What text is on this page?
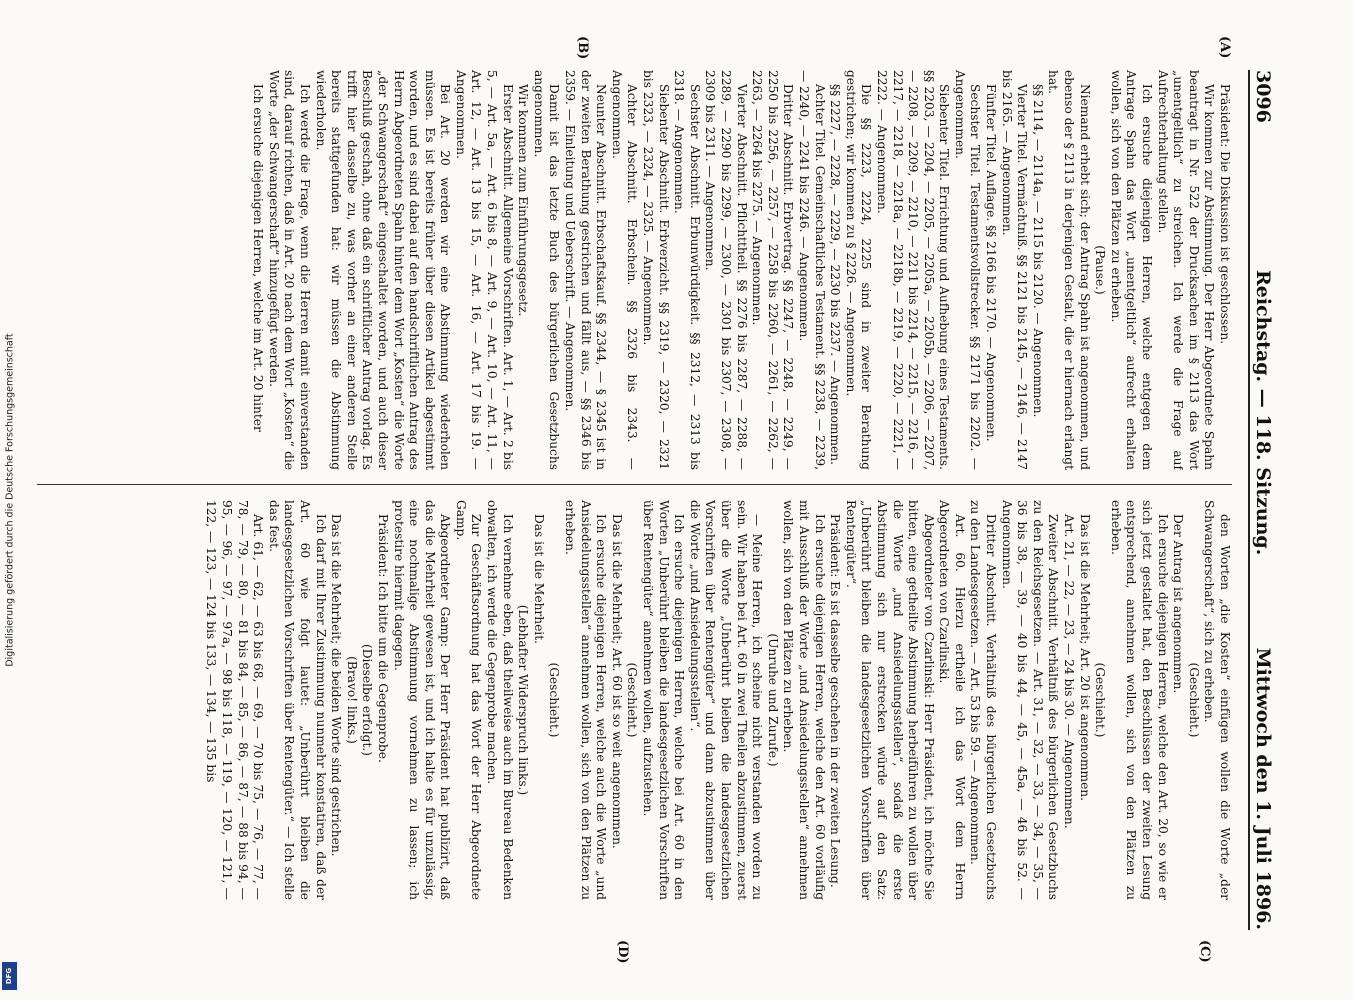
3096
Reichstag. — 118. Sitzung.
Mittwoch den 1. Juli 1896.
(A)
(B)
(C)
(D)

Präsident: Die Diskussion ist geschlossen.

Wir kommen zur Abstimmung. Der Herr Abgeordnete Spahn beantragt in Nr. 522 der Drucksachen im § 2113 das Wort „unentgeltlich“ zu streichen. Ich werde die Frage auf Aufrechterhaltung stellen.

Ich ersuche diejenigen Herren, welche entgegen dem Antrage Spahn das Wort „unentgeltlich“ aufrecht erhalten wollen, sich von den Plätzen zu erheben.

(Pause.)

Niemand erhebt sich; der Antrag Spahn ist angenommen, und ebenso der § 2113 in derjenigen Gestalt, die er hiernach erlangt hat.

§§ 2114, — 2114a, — 2115 bis 2120. — Angenommen.

Vierter Titel. Vermächtniß. §§ 2121 bis 2145, — 2146, — 2147 bis 2165. — Angenommen.

Fünfter Titel. Auflage. §§ 2166 bis 2170. — Angenommen.

Sechster Titel. Testamentsvollstrecker. §§ 2171 bis 2202. — Angenommen.

Siebenter Titel. Errichtung und Aufhebung eines Testaments. §§ 2203, — 2204, — 2205, — 2205a, — 2205b, — 2206, — 2207, — 2208, — 2209, — 2210, — 2211 bis 2214, — 2215, — 2216, — 2217, — 2218, — 2218a, — 2218b, — 2219, — 2220, — 2221, — 2222. — Angenommen.

Die §§ 2223, 2224, 2225 sind in zweiter Berathung gestrichen; wir kommen zu § 2226. — Angenommen.

§§ 2227, — 2228, — 2229, — 2230 bis 2237. — Angenommen.

Achter Titel. Gemeinschaftliches Testament. §§ 2238, — 2239, — 2240, — 2241 bis 2246. — Angenommen.

Dritter Abschnitt. Erbvertrag. §§ 2247, — 2248, — 2249, — 2250 bis 2256, — 2257, — 2258 bis 2260, — 2261, — 2262, — 2263, — 2264 bis 2275. — Angenommen.

Vierter Abschnitt. Pflichttheil. §§ 2276 bis 2287, — 2288, — 2289, — 2290 bis 2299, — 2300, — 2301 bis 2307, — 2308, — 2309 bis 2311. — Angenommen.

Sechster Abschnitt. Erbunwürdigkeit. §§ 2312, — 2313 bis 2318. — Angenommen.

Siebenter Abschnitt. Erbverzicht. §§ 2319, — 2320, — 2321 bis 2323, — 2324, — 2325. — Angenommen.

Achter Abschnitt. Erbschein. §§ 2326 bis 2343. — Angenommen.

Neunter Abschnitt. Erbschaftskauf. §§ 2344, — § 2345 ist in der zweiten Berathung gestrichen und fällt aus, — §§ 2346 bis 2359. — Einleitung und Ueberschrift. — Angenommen.

Damit ist das letzte Buch des bürgerlichen Gesetzbuchs angenommen.

Wir kommen zum Einführungsgesetz.

Erster Abschnitt. Allgemeine Vorschriften. Art. 1, — Art. 2 bis 5, — Art. 5a, — Art. 6 bis 8, — Art. 9, — Art. 10, — Art. 11, — Art. 12, — Art. 13 bis 15, — Art. 16, — Art. 17 bis 19. — Angenommen.

Bei Art. 20 werden wir eine Abstimmung wiederholen müssen. Es ist bereits früher über diesen Artikel abgestimmt worden, und es sind dabei auf den handschriftlichen Antrag des Herrn Abgeordneten Spahn hinter dem Wort „Kosten“ die Worte „der Schwangerschaft“ eingeschaltet worden, und auch dieser Beschluß geschah, ohne daß ein schriftlicher Antrag vorlag. Es trifft hier dasselbe zu, was vorher an einer anderen Stelle bereits stattgefunden hat: wir müssen die Abstimmung wiederholen.

Ich werde die Frage, wenn die Herren damit einverstanden sind, darauf richten, daß in Art. 20 nach dem Wort „Kosten“ die Worte „der Schwangerschaft“ hinzugefügt werden.

Ich ersuche diejenigen Herren, welche im Art. 20 hinter

den Worten „die Kosten“ einfügen wollen die Worte „der Schwangerschaft“, sich zu erheben.

(Geschieht.)

Der Antrag ist angenommen.

Ich ersuche diejenigen Herren, welche den Art. 20, so wie er sich jetzt gestaltet hat, den Beschlüssen der zweiten Lesung entsprechend, annehmen wollen, sich von den Plätzen zu erheben.

(Geschieht.)

Das ist die Mehrheit; Art. 20 ist angenommen.

Art. 21, — 22, — 23, — 24 bis 30. — Angenommen.

Zweiter Abschnitt. Verhältniß des bürgerlichen Gesetzbuchs zu den Reichsgesetzen. — Art. 31, — 32, — 33, — 34, — 35, — 36 bis 38, — 39, — 40 bis 44, — 45, — 45a, — 46 bis 52. — Angenommen.

Dritter Abschnitt. Verhältniß des bürgerlichen Gesetzbuchs zu den Landesgesetzen. — Art. 53 bis 59. — Angenommen.

Art. 60. Hierzu ertheile ich das Wort dem Herrn Abgeordneten von Czarlinski.

Abgeordneter von Czarlinski: Herr Präsident, ich möchte Sie bitten, eine getheilte Abstimmung herbeiführen zu wollen über die Worte „und Ansiedelungsstellen“, sodaß die erste Abstimmung sich nur erstrecken würde auf den Satz: „Unberührt bleiben die landesgesetzlichen Vorschriften über Rentengüter“.

Präsident: Es ist dasselbe geschehen in der zweiten Lesung.

Ich ersuche diejenigen Herren, welche den Art. 60 vorläufig mit Ausschluß der Worte „und Ansiedelungsstellen“ annehmen wollen, sich von den Plätzen zu erheben.

(Unruhe und Zurufe.)

— Meine Herren, ich scheine nicht verstanden worden zu sein. Wir haben bei Art. 60 in zwei Theilen abzustimmen, zuerst über die Worte „Unberührt bleiben die landesgesetzlichen Vorschriften über Rentengüter“ und dann abzustimmen über die Worte „und Ansiedelungsstellen“.

Ich ersuche diejenigen Herren, welche bei Art. 60 in den Worten „Unberührt bleiben die landesgesetzlichen Vorschriften über Rentengüter“ annehmen wollen, aufzustehen.

(Geschieht.)

Das ist die Mehrheit; Art. 60 ist so weit angenommen.

Ich ersuche diejenigen Herren, welche auch die Worte „und Ansiedelungsstellen“ annehmen wollen, sich von den Plätzen zu erheben.

(Geschieht.)

Das ist die Mehrheit.

(Lebhafter Widerspruch links.)

Ich vernehme eben, daß theilweise auch im Bureau Bedenken obwalten, ich werde die Gegenprobe machen.

Zur Geschäftsordnung hat das Wort der Herr Abgeordnete Gamp.

Abgeordneter Gamp: Der Herr Präsident hat publizirt, daß das die Mehrheit gewesen ist, und ich halte es für unzulässig, eine nochmalige Abstimmung vornehmen zu lassen; ich protestire hiermit dagegen.

Präsident: Ich bitte um die Gegenprobe.

(Dieselbe erfolgt.)

(Bravo! links.)

Das ist die Mehrheit; die beiden Worte sind gestrichen.

Ich darf mit Ihrer Zustimmung nunmehr konstatiren, daß der Art. 60 wie folgt lautet: „Unberührt bleiben die landesgesetzlichen Vorschriften über Rentengüter.“ — Ich stelle das fest.

Art. 61, — 62, — 63 bis 68, — 69, — 70 bis 75, — 76, — 77, — 78, — 79, — 80, — 81 bis 84, — 85, — 86, — 87, — 88 bis 94, — 95, — 96, — 97, — 97a, — 98 bis 118, — 119, — 120, — 121, — 122, — 123, — 124 bis 133, — 134, — 135 bis

Digitalisierung gefördert durch die Deutsche Forschungsgemeinschaft
DFG
